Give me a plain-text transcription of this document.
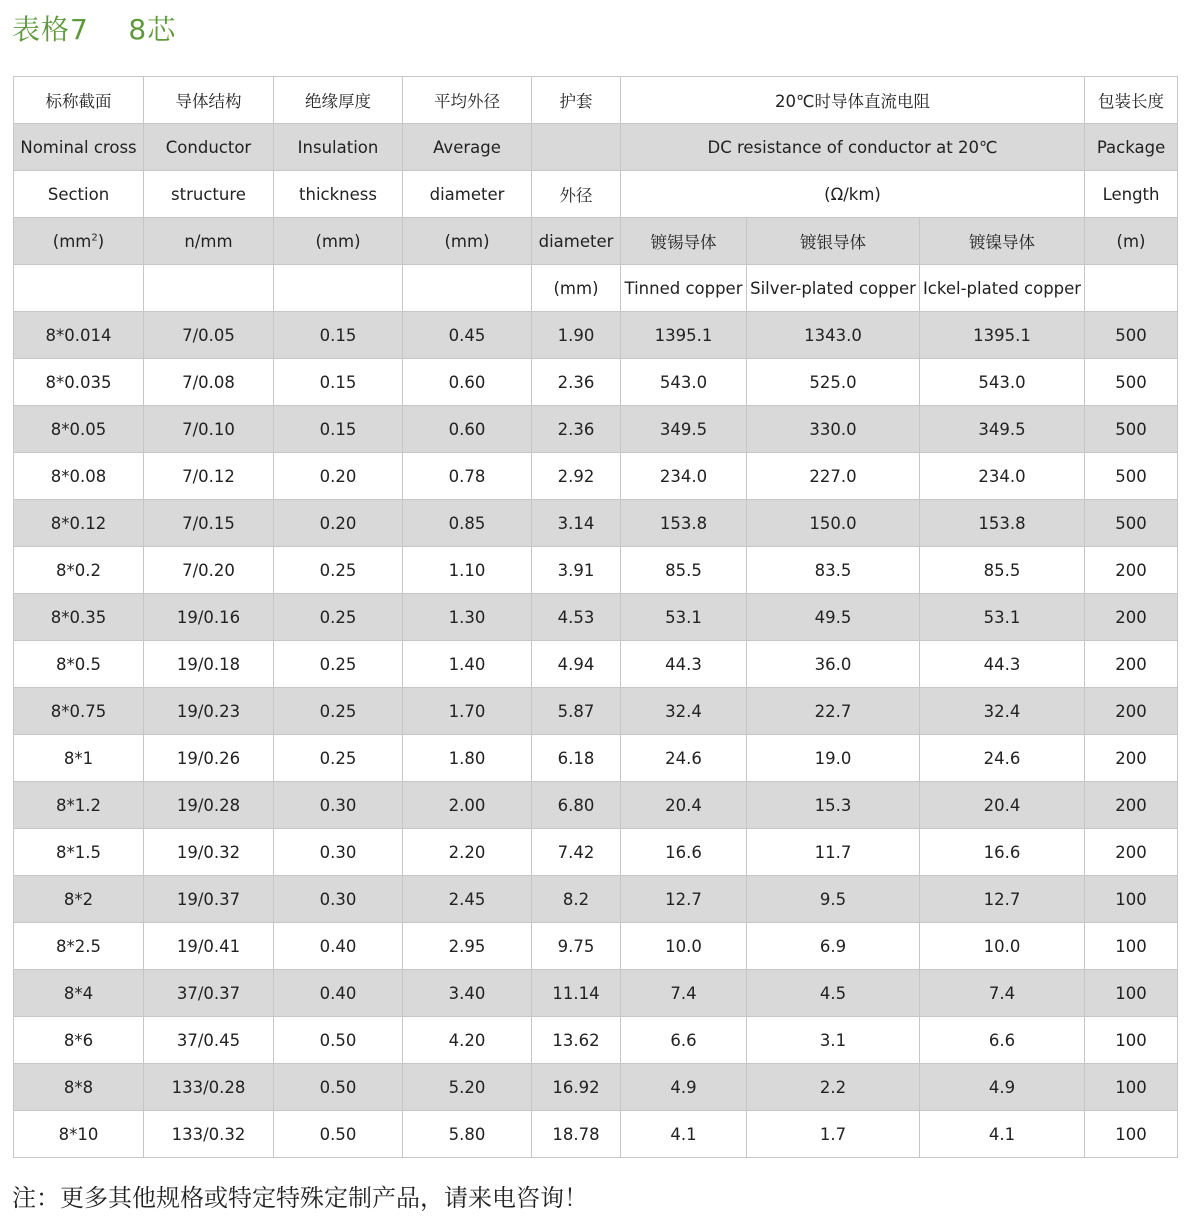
表格7    8芯
标称截面	导体结构	绝缘厚度	平均外径	护套	20℃时导体直流电阻			包装长度
Nominal cross	Conductor	Insulation	Average		DC resistance of conductor at 20℃			Package
Section	structure	thickness	diameter	外径	(Ω/km)			Length
$(mm^2)$	n/mm	(mm)	(mm)	diameter	镀锡导体	镀银导体	镀镍导体	(m)
				(mm)	Tinned copper	Silver-plated copper	Ickel-plated copper	
8*0.014	7/0.05	0.15	0.45	1.90	1395.1	1343.0	1395.1	500
8*0.035	7/0.08	0.15	0.60	2.36	543.0	525.0	543.0	500
8*0.05	7/0.10	0.15	0.60	2.36	349.5	330.0	349.5	500
8*0.08	7/0.12	0.20	0.78	2.92	234.0	227.0	234.0	500
8*0.12	7/0.15	0.20	0.85	3.14	153.8	150.0	153.8	500
8*0.2	7/0.20	0.25	1.10	3.91	85.5	83.5	85.5	200
8*0.35	19/0.16	0.25	1.30	4.53	53.1	49.5	53.1	200
8*0.5	19/0.18	0.25	1.40	4.94	44.3	36.0	44.3	200
8*0.75	19/0.23	0.25	1.70	5.87	32.4	22.7	32.4	200
8*1	19/0.26	0.25	1.80	6.18	24.6	19.0	24.6	200
8*1.2	19/0.28	0.30	2.00	6.80	20.4	15.3	20.4	200
8*1.5	19/0.32	0.30	2.20	7.42	16.6	11.7	16.6	200
8*2	19/0.37	0.30	2.45	8.2	12.7	9.5	12.7	100
8*2.5	19/0.41	0.40	2.95	9.75	10.0	6.9	10.0	100
8*4	37/0.37	0.40	3.40	11.14	7.4	4.5	7.4	100
8*6	37/0.45	0.50	4.20	13.62	6.6	3.1	6.6	100
8*8	133/0.28	0.50	5.20	16.92	4.9	2.2	4.9	100
8*10	133/0.32	0.50	5.80	18.78	4.1	1.7	4.1	100
注：更多其他规格或特定特殊定制产品，请来电咨询！
